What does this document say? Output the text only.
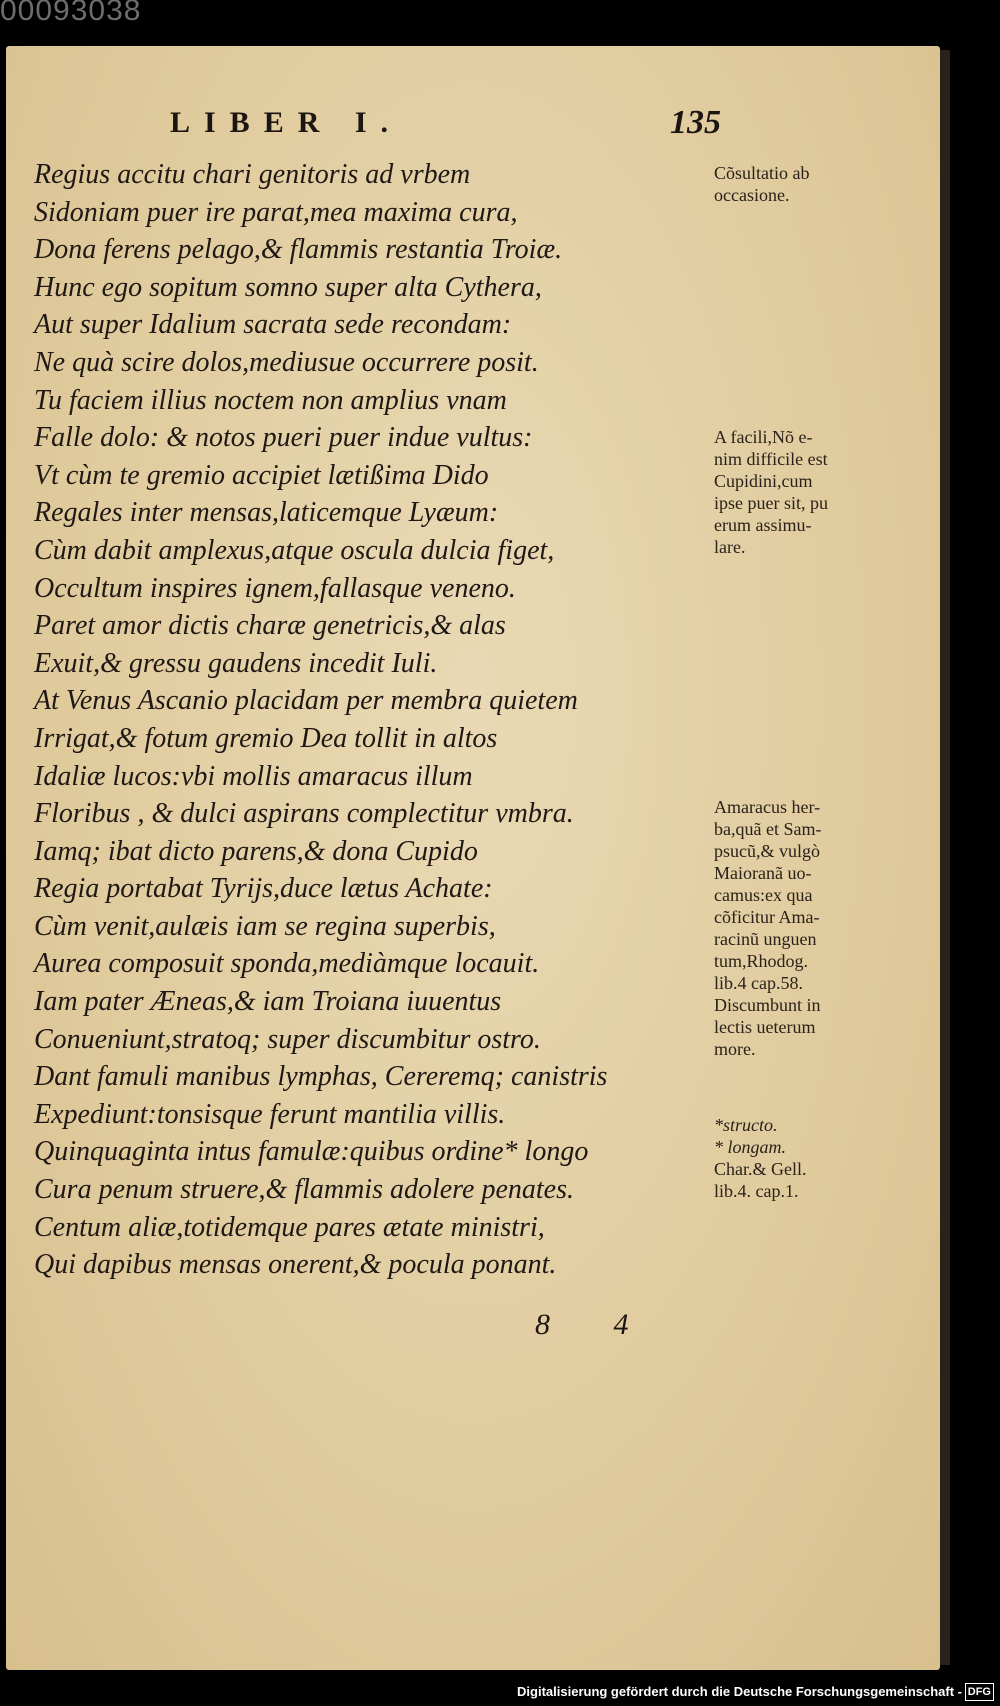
00093038
LIBER I.	135
Regius accitu chari genitoris ad vrbem
Sidoniam puer ire parat,mea maxima cura,
Dona ferens pelago,& flammis restantia Troiæ.
Hunc ego sopitum somno super alta Cythera,
Aut super Idalium sacrata sede recondam:
Ne quà scire dolos,mediusue occurrere posit.
Tu faciem illius noctem non amplius vnam
Falle dolo: & notos pueri puer indue vultus:
Vt cùm te gremio accipiet lætißima Dido
Regales inter mensas,laticemque Lyæum:
Cùm dabit amplexus,atque oscula dulcia figet,
Occultum inspires ignem,fallasque veneno.
Paret amor dictis charæ genetricis,& alas
Exuit,& gressu gaudens incedit Iuli.
At Venus Ascanio placidam per membra quietem
Irrigat,& fotum gremio Dea tollit in altos
Idaliæ lucos:vbi mollis amaracus illum
Floribus , & dulci aspirans complectitur vmbra.
Iamq; ibat dicto parens,& dona Cupido
Regia portabat Tyrijs,duce lætus Achate:
Cùm venit,aulæis iam se regina superbis,
Aurea composuit sponda,mediàmque locauit.
Iam pater Æneas,& iam Troiana iuuentus
Conueniunt,stratoq; super discumbitur ostro.
Dant famuli manibus lymphas, Cereremq; canistris
Expediunt:tonsisque ferunt mantilia villis.
Quinquaginta intus famulæ:quibus ordine* longo
Cura penum struere,& flammis adolere penates.
Centum aliæ,totidemque pares ætate ministri,
Qui dapibus mensas onerent,& pocula ponant.
Cõsultatio ab
occasione.
A facili,Nõ e-
nim difficile est
Cupidini,cum
ipse puer sit, pu
erum assimu-
lare.
Amaracus her-
ba,quã et Sam-
psucũ,& vulgò
Maioranã uo-
camus:ex qua
cõficitur Ama-
racinũ unguen
tum,Rhodog.
lib.4 cap.58.
Discumbunt in
lectis ueterum
more.
*structo.
* longam.
Char.& Gell.
lib.4. cap.1.
8 4
Digitalisierung gefördert durch die Deutsche Forschungsgemeinschaft - DFG
